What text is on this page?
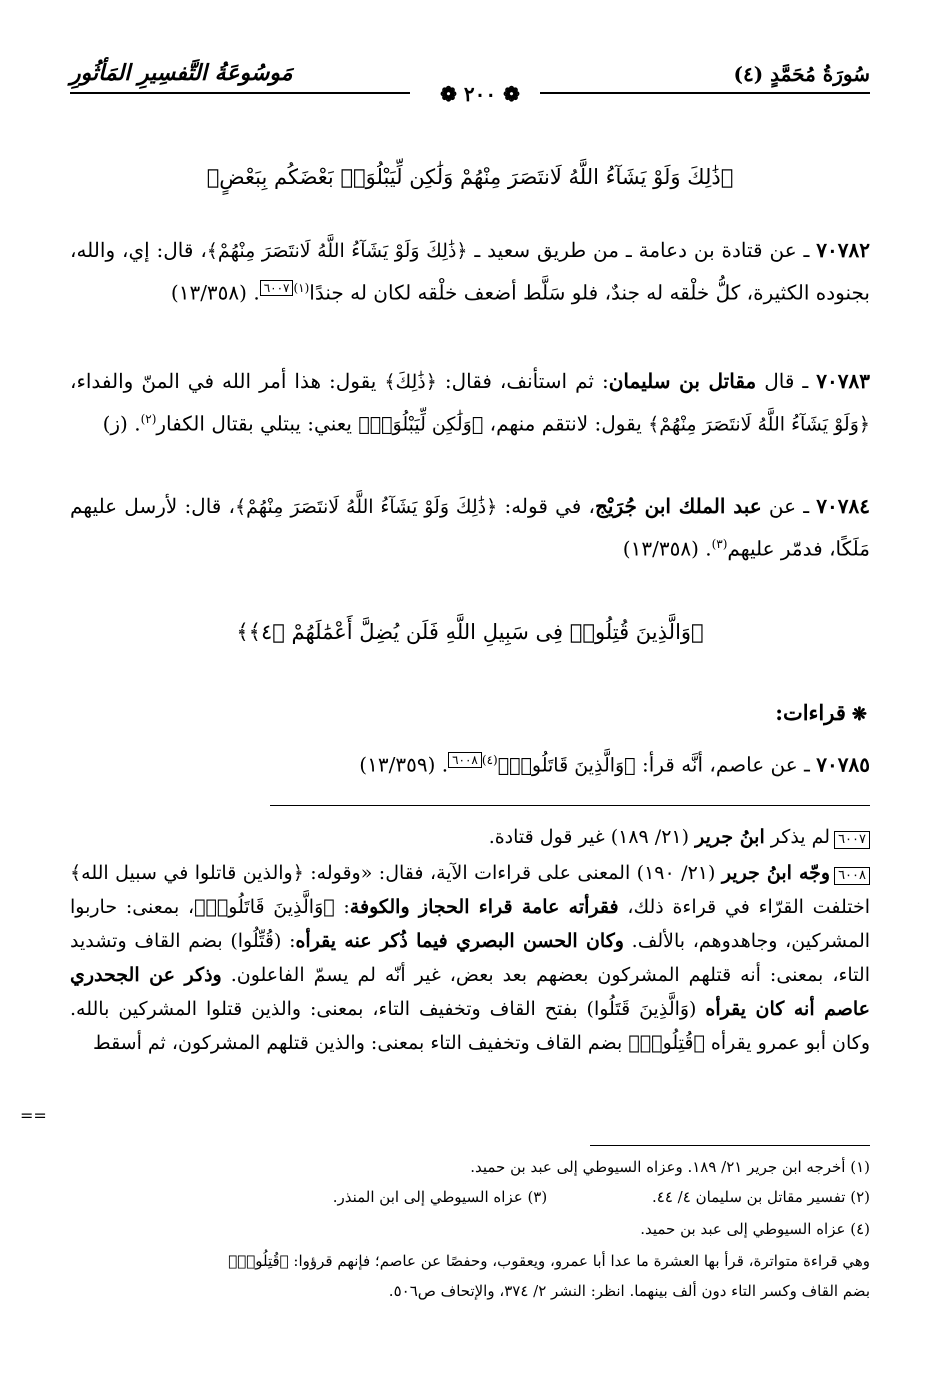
سُورَةُ مُحَمَّدٍ (٤)
مَوسُوعَةُ التَّفسِيرِ المَأثُورِ
❁ ٢٠٠ ❁
﴿ذَٰلِكَ وَلَوْ يَشَآءُ اللَّهُ لَانتَصَرَ مِنْهُمْ وَلَٰكِن لِّيَبْلُوَا۟ بَعْضَكُم بِبَعْضٍ﴾
٧٠٧٨٢ ـ عن قتادة بن دعامة ـ من طريق سعيد ـ ﴿ذَٰلِكَ وَلَوْ يَشَآءُ اللَّهُ لَانتَصَرَ مِنْهُمْ﴾، قال: إي، والله، بجنوده الكثيرة، كلُّ خلْقه له جندٌ، فلو سَلَّط أضعف خلْقه لكان له جندًا$^{(١)}$٦٠٠٧. (١٣/٣٥٨)
٧٠٧٨٣ ـ قال مقاتل بن سليمان: ثم استأنف، فقال: ﴿ذَٰلِكَ﴾ يقول: هذا أمر الله في المنّ والفداء، ﴿وَلَوْ يَشَآءُ اللَّهُ لَانتَصَرَ مِنْهُمْ﴾ يقول: لانتقم منهم، ﴿وَلَٰكِن لِّيَبْلُوَا۟﴾ يعني: يبتلي بقتال الكفار$^{(٢)}$. (ز)
٧٠٧٨٤ ـ عن عبد الملك ابن جُرَيْج، في قوله: ﴿ذَٰلِكَ وَلَوْ يَشَآءُ اللَّهُ لَانتَصَرَ مِنْهُمْ﴾، قال: لأرسل عليهم مَلَكًا، فدمّر عليهم$^{(٣)}$. (١٣/٣٥٨)
﴿وَالَّذِينَ قُتِلُوا۟ فِى سَبِيلِ اللَّهِ فَلَن يُضِلَّ أَعْمَٰلَهُمْ ﴿٤﴾﴾
❋قراءات:
٧٠٧٨٥ ـ عن عاصم، أنَّه قرأ: ﴿وَالَّذِينَ قَاتَلُوا۟﴾$^{(٤)}$٦٠٠٨. (١٣/٣٥٩)
٦٠٠٧لم يذكر ابنُ جرير (٢١/ ١٨٩) غير قول قتادة.
٦٠٠٨وجّه ابنُ جرير (٢١/ ١٩٠) المعنى على قراءات الآية، فقال: «وقوله: ﴿والذين قاتلوا في سبيل الله﴾ اختلفت القرّاء في قراءة ذلك، فقرأته عامة قراء الحجاز والكوفة: ﴿وَالَّذِينَ قَاتَلُوا۟﴾، بمعنى: حاربوا المشركين، وجاهدوهم، بالألف. وكان الحسن البصري فيما ذُكر عنه يقرأه: (قُتِّلُوا) بضم القاف وتشديد التاء، بمعنى: أنه قتلهم المشركون بعضهم بعد بعض، غير أنّه لم يسمّ الفاعلون. وذكر عن الجحدري عاصم أنه كان يقرأه (وَالَّذِينَ قَتَلُوا) بفتح القاف وتخفيف التاء، بمعنى: والذين قتلوا المشركين بالله. وكان أبو عمرو يقرأه ﴿قُتِلُوا۟﴾ بضم القاف وتخفيف التاء بمعنى: والذين قتلهم المشركون، ثم أسقط
==
(١) أخرجه ابن جرير ٢١/ ١٨٩. وعزاه السيوطي إلى عبد بن حميد.
(٢) تفسير مقاتل بن سليمان ٤/ ٤٤. (٣) عزاه السيوطي إلى ابن المنذر.
(٤) عزاه السيوطي إلى عبد بن حميد.
وهي قراءة متواترة، قرأ بها العشرة ما عدا أبا عمرو، ويعقوب، وحفصًا عن عاصم؛ فإنهم قرؤوا: ﴿قُتِلُوا۟﴾
بضم القاف وكسر التاء دون ألف بينهما. انظر: النشر ٢/ ٣٧٤، والإتحاف ص٥٠٦.
